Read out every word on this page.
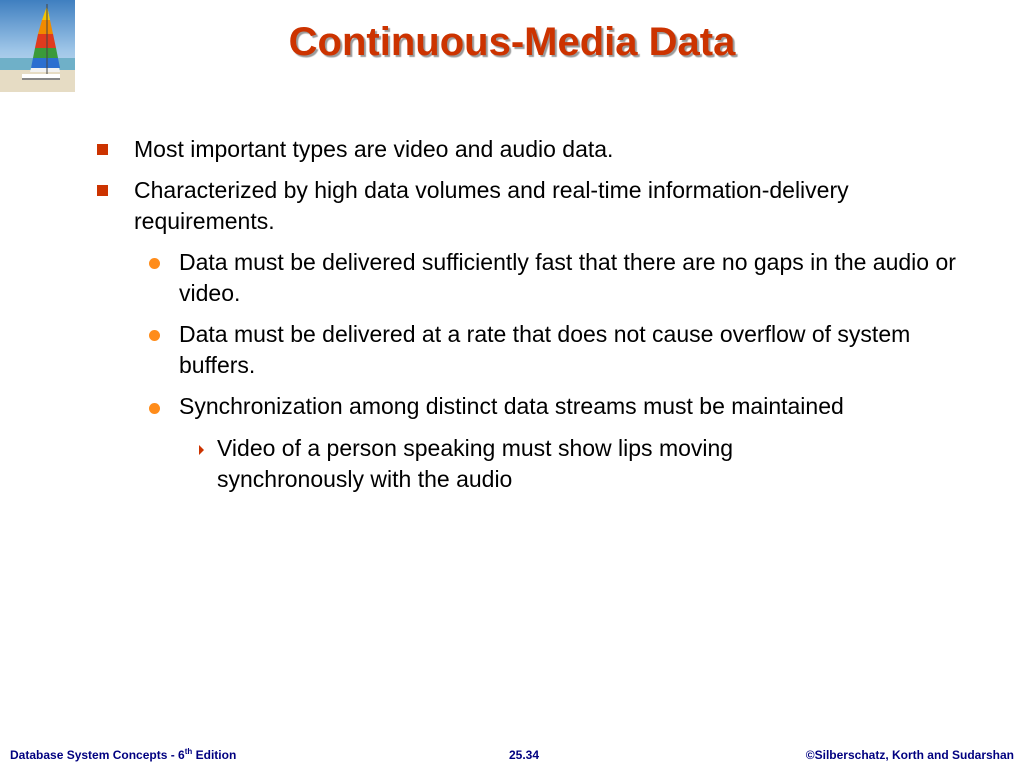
Continuous-Media Data
Most important types are video and audio data.
Characterized by high data volumes and real-time information-delivery requirements.
Data must be delivered sufficiently fast that there are no gaps in the audio or video.
Data must be delivered at a rate that does not cause overflow of system buffers.
Synchronization among distinct data streams must be maintained
Video of a person speaking must show lips moving synchronously with the audio
Database System Concepts - 6th Edition	25.34	©Silberschatz, Korth and Sudarshan
